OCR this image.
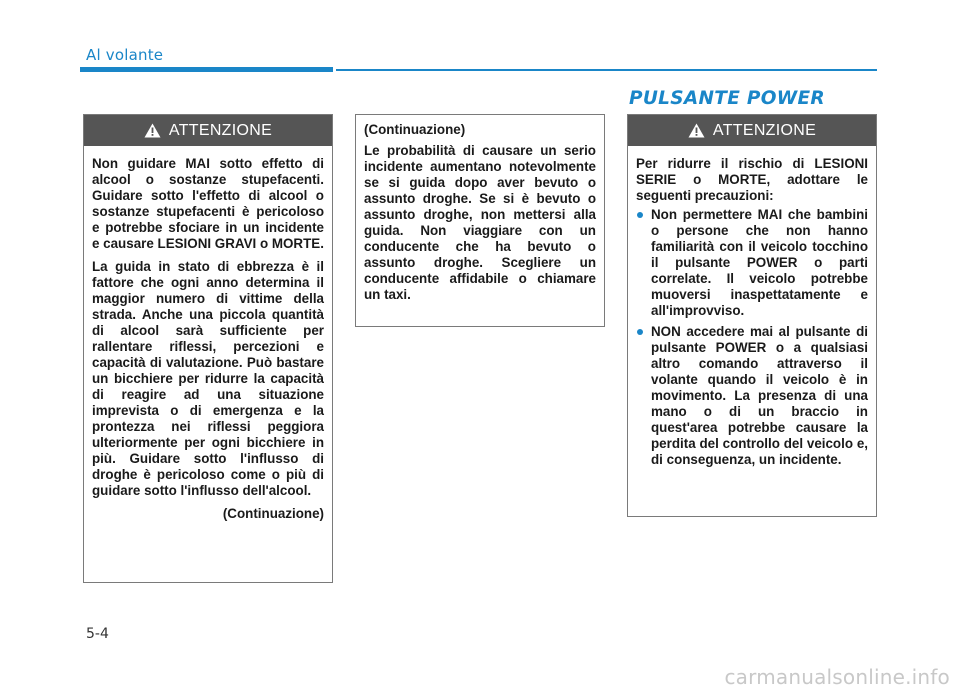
Al volante
PULSANTE POWER
ATTENZIONE

Non guidare MAI sotto effetto di alcool o sostanze stupefacenti. Guidare sotto l'effetto di alcool o sostanze stupefacenti è pericoloso e potrebbe sfociare in un incidente e causare LESIONI GRAVI o MORTE.

La guida in stato di ebbrezza è il fattore che ogni anno determina il maggior numero di vittime della strada. Anche una piccola quantità di alcool sarà sufficiente per rallentare riflessi, percezioni e capacità di valutazione. Può bastare un bicchiere per ridurre la capacità di reagire ad una situazione imprevista o di emergenza e la prontezza nei riflessi peggiora ulteriormente per ogni bicchiere in più. Guidare sotto l'influsso di droghe è pericoloso come o più di guidare sotto l'influsso dell'alcool.

(Continuazione)

(Continuazione)

Le probabilità di causare un serio incidente aumentano notevolmente se si guida dopo aver bevuto o assunto droghe. Se si è bevuto o assunto droghe, non mettersi alla guida. Non viaggiare con un conducente che ha bevuto o assunto droghe. Scegliere un conducente affidabile o chiamare un taxi.

ATTENZIONE

Per ridurre il rischio di LESIONI SERIE o MORTE, adottare le seguenti precauzioni:

Non permettere MAI che bambini o persone che non hanno familiarità con il veicolo tocchino il pulsante POWER o parti correlate. Il veicolo potrebbe muoversi inaspettatamente e all'improvviso.
NON accedere mai al pulsante di pulsante POWER o a qualsiasi altro comando attraverso il volante quando il veicolo è in movimento. La presenza di una mano o di un braccio in quest'area potrebbe causare la perdita del controllo del veicolo e, di conseguenza, un incidente.
5-4
carmanualsonline.info
